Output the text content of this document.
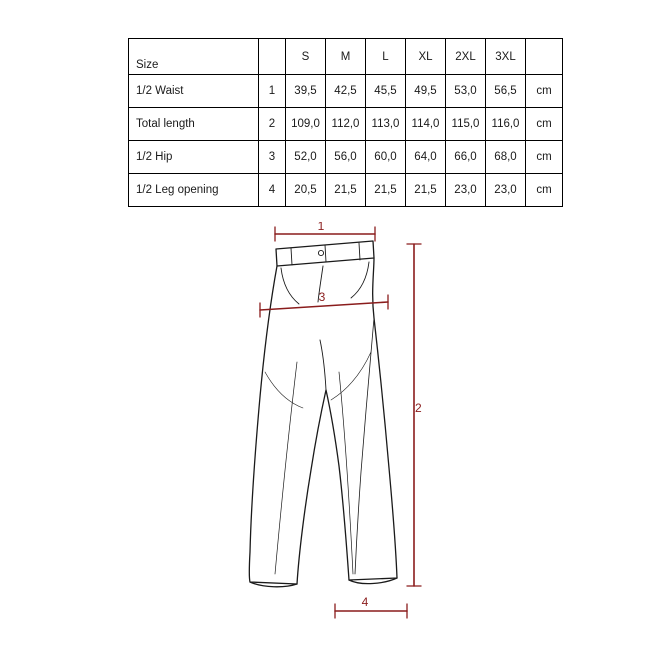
Size		S	M	L	XL	2XL	3XL	
1/2 Waist	1	39,5	42,5	45,5	49,5	53,0	56,5	cm
Total length	2	109,0	112,0	113,0	114,0	115,0	116,0	cm
1/2 Hip	3	52,0	56,0	60,0	64,0	66,0	68,0	cm
1/2 Leg opening	4	20,5	21,5	21,5	21,5	23,0	23,0	cm
1
2
3
4
